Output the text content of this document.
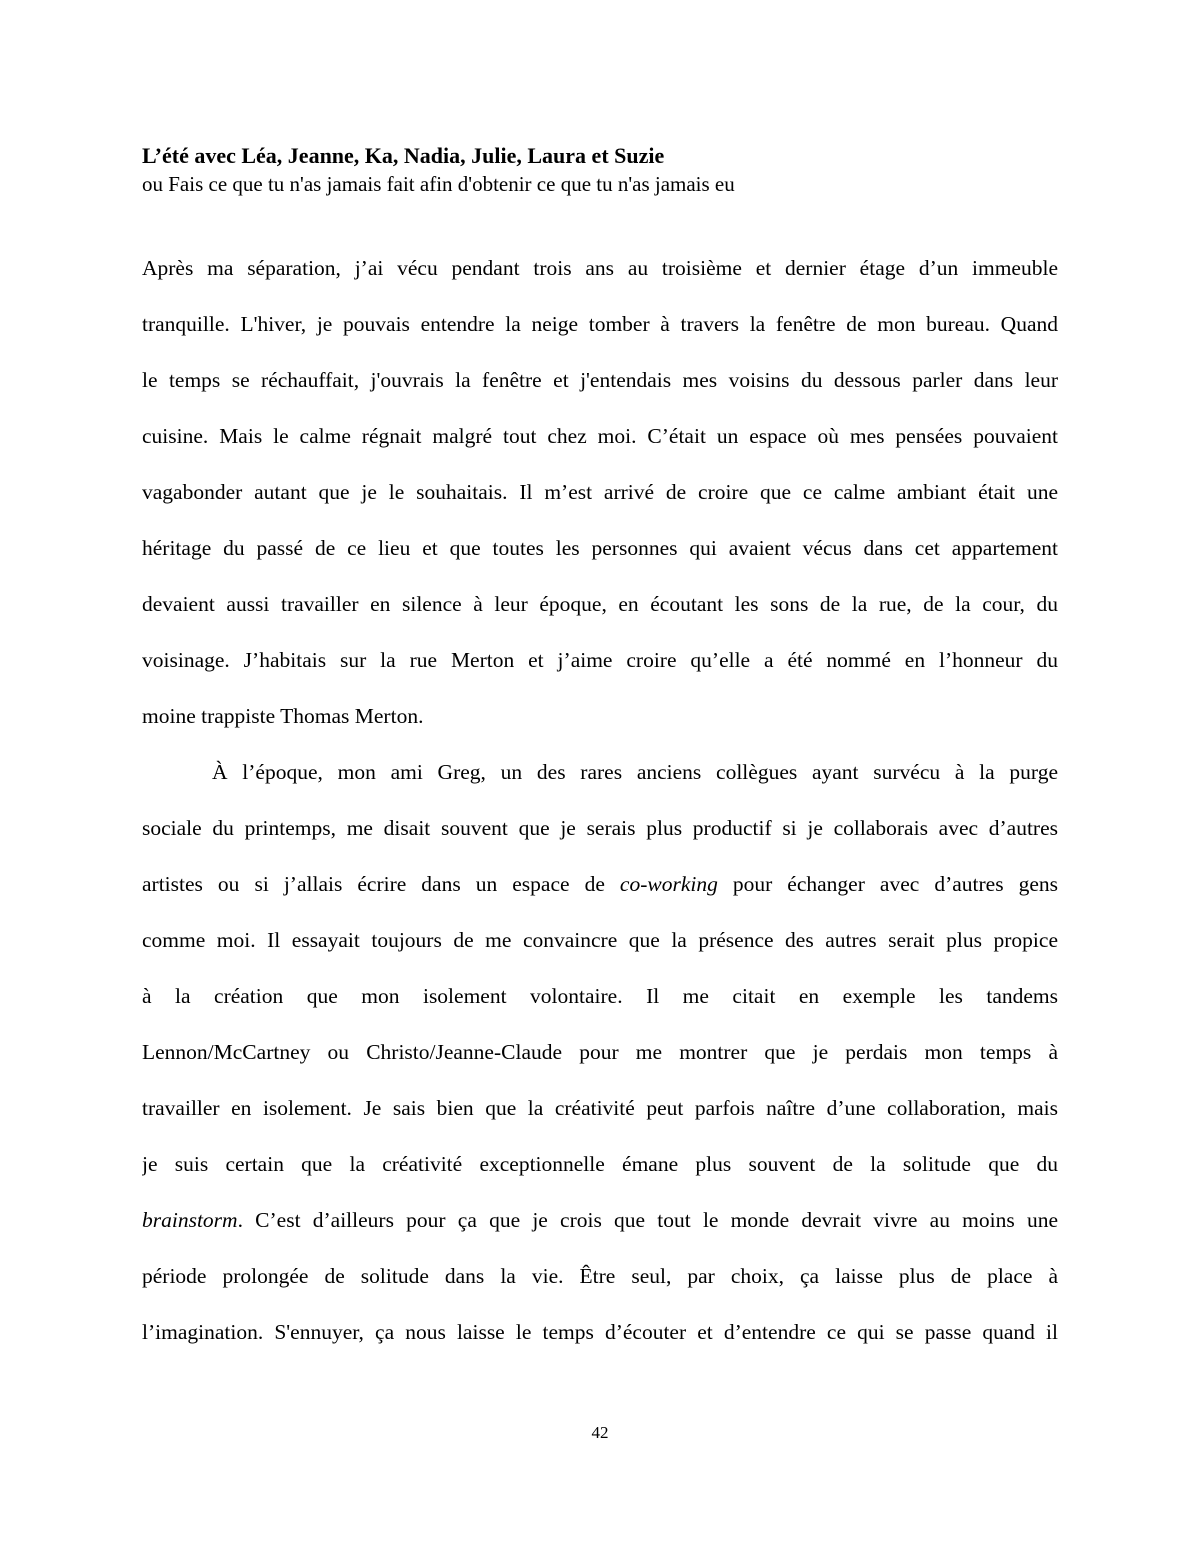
L’été avec Léa, Jeanne, Ka, Nadia, Julie, Laura et Suzie

ou Fais ce que tu n'as jamais fait afin d'obtenir ce que tu n'as jamais eu

Après ma séparation, j’ai vécu pendant trois ans au troisième et dernier étage d’un immeuble
tranquille. L'hiver, je pouvais entendre la neige tomber à travers la fenêtre de mon bureau. Quand
le temps se réchauffait, j'ouvrais la fenêtre et j'entendais mes voisins du dessous parler dans leur
cuisine. Mais le calme régnait malgré tout chez moi. C’était un espace où mes pensées pouvaient
vagabonder autant que je le souhaitais. Il m’est arrivé de croire que ce calme ambiant était une
héritage du passé de ce lieu et que toutes les personnes qui avaient vécus dans cet appartement
devaient aussi travailler en silence à leur époque, en écoutant les sons de la rue, de la cour, du
voisinage. J’habitais sur la rue Merton et j’aime croire qu’elle a été nommé en l’honneur du
moine trappiste Thomas Merton.
À l’époque, mon ami Greg, un des rares anciens collègues ayant survécu à la purge
sociale du printemps, me disait souvent que je serais plus productif si je collaborais avec d’autres
artistes ou si j’allais écrire dans un espace de co-working pour échanger avec d’autres gens
comme moi. Il essayait toujours de me convaincre que la présence des autres serait plus propice
à la création que mon isolement volontaire. Il me citait en exemple les tandems
Lennon/McCartney ou Christo/Jeanne-Claude pour me montrer que je perdais mon temps à
travailler en isolement. Je sais bien que la créativité peut parfois naître d’une collaboration, mais
je suis certain que la créativité exceptionnelle émane plus souvent de la solitude que du
brainstorm. C’est d’ailleurs pour ça que je crois que tout le monde devrait vivre au moins une
période prolongée de solitude dans la vie. Être seul, par choix, ça laisse plus de place à
l’imagination. S'ennuyer, ça nous laisse le temps d’écouter et d’entendre ce qui se passe quand il
42
